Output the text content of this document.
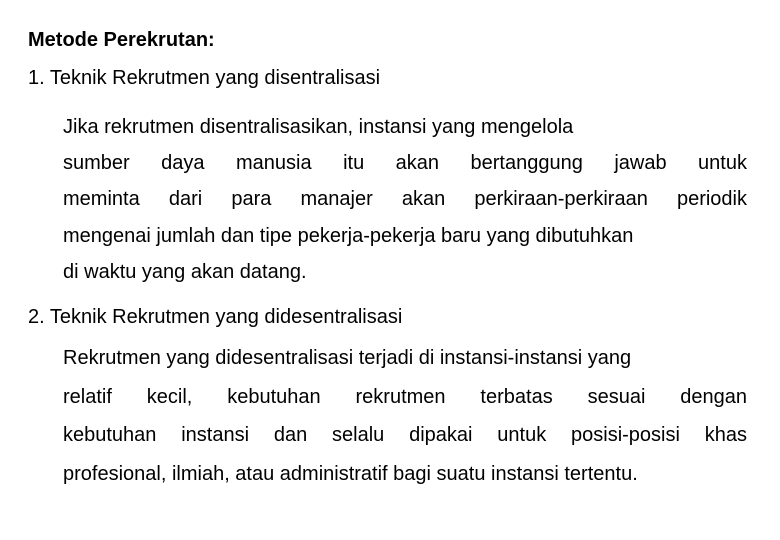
Metode Perekrutan:
1. Teknik Rekrutmen yang disentralisasi
Jika rekrutmen disentralisasikan, instansi yang mengelola
sumber daya manusia itu akan bertanggung jawab untuk
meminta dari para manajer akan perkiraan-perkiraan periodik
mengenai jumlah dan tipe pekerja-pekerja baru yang dibutuhkan
di waktu yang akan datang.
2. Teknik Rekrutmen yang didesentralisasi
Rekrutmen yang didesentralisasi terjadi di instansi-instansi yang
relatif kecil, kebutuhan rekrutmen terbatas sesuai dengan
kebutuhan instansi dan selalu dipakai untuk posisi-posisi khas
profesional, ilmiah, atau administratif bagi suatu instansi tertentu.
